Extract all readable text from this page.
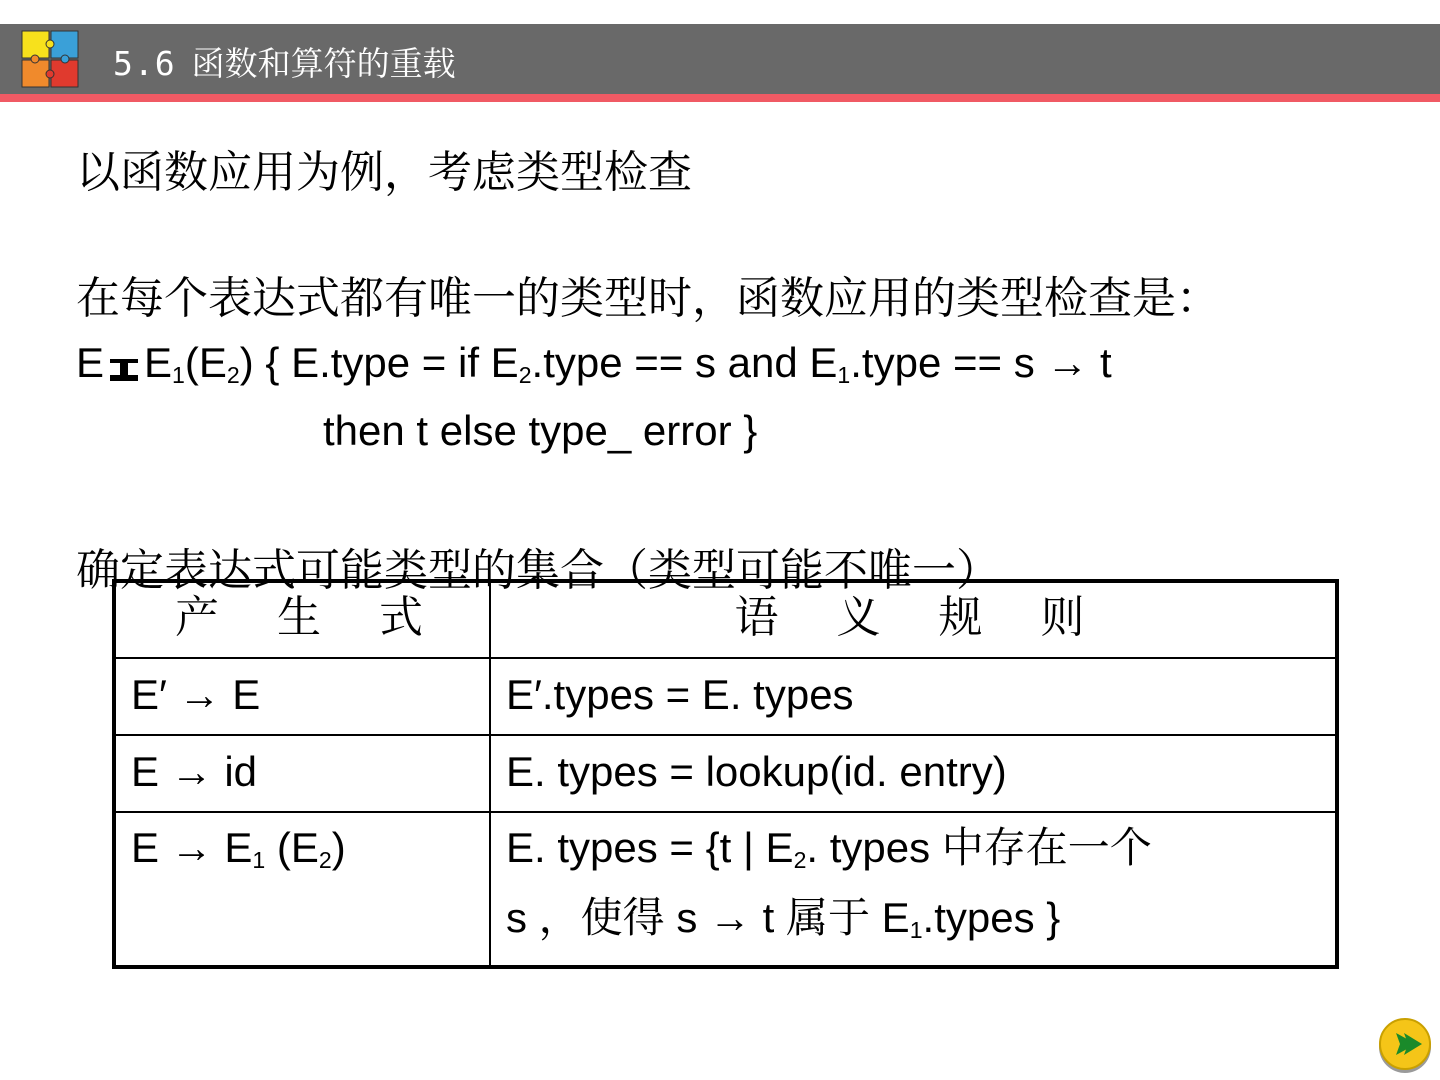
5.6 函数和算符的重载
以函数应用为例，考虑类型检查
在每个表达式都有唯一的类型时，函数应用的类型检查是：
E $E_1(E_2)$ { E.type = if $E_2.type == s$ and $E_1.type == s \to t$
then t else type_ error }
确定表达式可能类型的集合（类型可能不唯一）
产 生 式	语 义 规 则
E′ → E	E′.types = E. types
E → id	E. types = lookup(id. entry)
$E \to E_1$ $(E_2)$	E. types = {t | $E_2$. types 中存在一个
s ，使得 s → t 属于 $E_1.types$ }
